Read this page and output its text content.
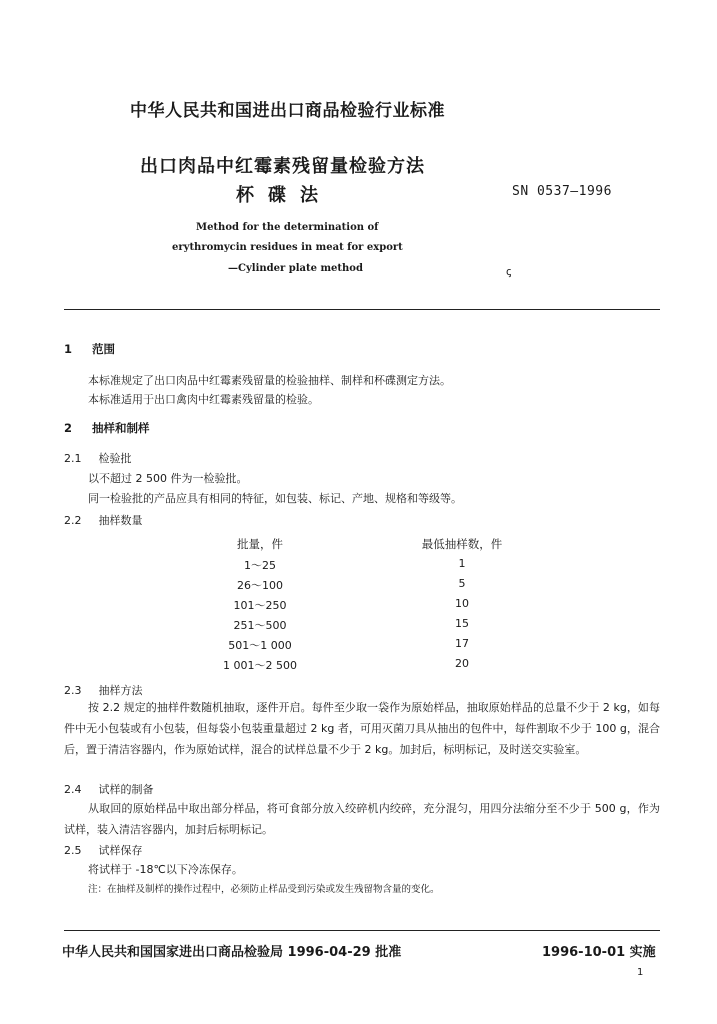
中华人民共和国进出口商品检验行业标准
出口肉品中红霉素残留量检验方法
杯碟法	SN 0537—1996
Method for the determination of
erythromycin residues in meat for export
—Cylinder plate method	ꞔ
1 范围
本标准规定了出口肉品中红霉素残留量的检验抽样、制样和杯碟测定方法。
本标准适用于出口禽肉中红霉素残留量的检验。
2 抽样和制样
2.1 检验批
以不超过 2 500 件为一检验批。
同一检验批的产品应具有相同的特征，如包装、标记、产地、规格和等级等。
2.2 抽样数量
批量，件	最低抽样数，件
1～25	1
26～100	5
101～250	10
251～500	15
501～1 000	17
1 001～2 500	20
2.3 抽样方法
按 2.2 规定的抽样件数随机抽取，逐件开启。每件至少取一袋作为原始样品，抽取原始样品的总量不少于 2 kg，如每件中无小包装或有小包装，但每袋小包装重量超过 2 kg 者，可用灭菌刀具从抽出的包件中，每件割取不少于 100 g，混合后，置于清洁容器内，作为原始试样，混合的试样总量不少于 2 kg。加封后，标明标记，及时送交实验室。
2.4 试样的制备
从取回的原始样品中取出部分样品，将可食部分放入绞碎机内绞碎，充分混匀，用四分法缩分至不少于 500 g，作为试样，装入清洁容器内，加封后标明标记。
2.5 试样保存
将试样于 -18℃以下冷冻保存。
注：在抽样及制样的操作过程中，必须防止样品受到污染或发生残留物含量的变化。
中华人民共和国国家进出口商品检验局 1996-04-29 批准	1996-10-01 实施
1
